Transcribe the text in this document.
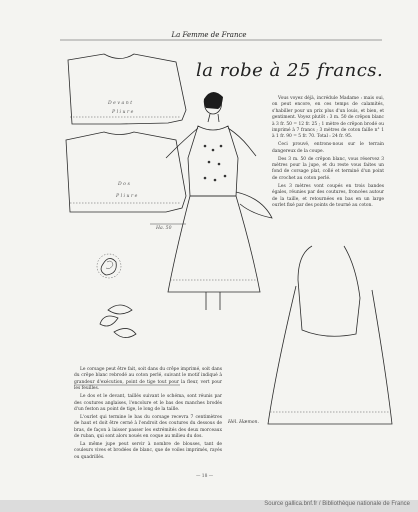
La Femme de France
la robe à 25 francs.
Devant
Pliure
Dos
Pliure
Ha. 50

Vous voyez déjà, incrédule Madame : mais oui, on peut encore, en ces temps de calamités, s'habiller pour un prix plus d'un louis, et bien, et gentiment. Voyez plutôt : 3 m. 50 de crêpon blanc à 3 fr. 50 = 12 fr. 25 ; 1 mètre de crêpon brodé ou imprimé à 7 francs ; 3 mètres de coton faille n° 1 à 1 fr. 90 = 5 fr. 70. Total : 24 fr. 95.

Ceci prouvé, entrons-nous sur le terrain dangereux de la coupe.

Des 3 m. 50 de crêpon blanc, vous réservez 3 mètres pour la jupe, et du reste vous faites un fond de corsage plat, collé et terminé d'un point de crochet au coton perlé.

Les 3 mètres vont coupés en trois bandes égales, réunies par des coutures, froncées autour de la taille, et retournées en bas en un large ourlet fixé par des points de tourné au coton.

Le corsage peut être fait, soit dans du crêpe imprimé, soit dans du crêpe blanc rebrodé au coton perlé, suivant le motif indiqué à grandeur d'exécution, point de tige tout pour la fleur, vert pour les feuilles.

Le dos et le devant, taillés suivant le schéma, sont réunis par des coutures anglaises, l'encolure et le bas des manches brodés d'un feston au point de tige, le long de la taille.

L'ourlet qui termine le bas du corsage recevra 7 centimètres de haut et doit être cerné à l'endroit des coutures du dessous de bras, de façon à laisser passer les extrémités des deux morceaux de ruban, qui sont alors noués en coque au milieu du dos.

La même jupe peut servir à nombre de blouses, tant de couleurs vives et brodées de blanc, que de voiles imprimés, rayés ou quadrillés.

Hél. Hæmon.
— 18 —
Source gallica.bnf.fr / Bibliothèque nationale de France
